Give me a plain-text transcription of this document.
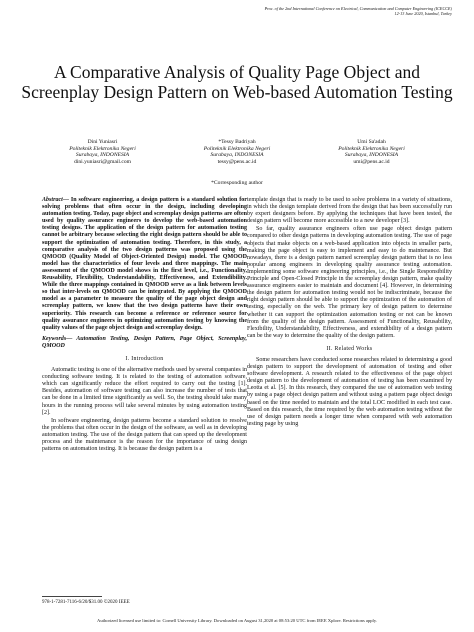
Proc. of the 2nd International Conference on Electrical, Communication and Computer Engineering (ICECCE)
12-13 June 2020, Istanbul, Turkey
A Comparative Analysis of Quality Page Object and Screenplay Design Pattern on Web-based Automation Testing
Dini Yuniasri
Politeknik Elektronika Negeri
Surabaya, INDONESIA
dini.yuniasri@gmail.com
*Tessy Badriyah
Politeknik Elektronika Negeri
Surabaya, INDONESIA
tessy@pens.ac.id
Umi Sa'adah
Politeknik Elektronika Negeri
Surabaya, INDONESIA
umi@pens.ac.id
*Corresponding author

Abstract— In software engineering, a design pattern is a standard solution for solving problems that often occur in the design, including developing automation testing. Today, page object and screenplay design patterns are often used by quality assurance engineers to develop the web-based automation testing designs. The application of the design pattern for automation testing cannot be arbitrary because selecting the right design pattern should be able to support the optimization of automation testing. Therefore, in this study, a comparative analysis of the two design patterns was proposed using the QMOOD (Quality Model of Object-Oriented Design) model. The QMOOD model has the characteristics of four levels and three mappings. The main assessment of the QMOOD model shows in the first level, i.e., Functionality, Reusability, Flexibility, Understandability, Effectiveness, and Extendibility. While the three mappings contained in QMOOD serve as a link between levels so that inter-levels on QMOOD can be integrated. By applying the QMOOD model as a parameter to measure the quality of the page object design and screenplay pattern, we know that the two design patterns have their own superiority. This research can become a reference or reference source for quality assurance engineers in optimizing automation testing by knowing the quality values of the page object design and screenplay design.

Keywords— Automation Testing, Design Pattern, Page Object, Screenplay, QMOOD

I. Introduction

Automatic testing is one of the alternative methods used by several companies in conducting software testing. It is related to the testing of automation software, which can significantly reduce the effort required to carry out the testing [1]. Besides, automation of software testing can also increase the number of tests that can be done in a limited time significantly as well. So, the testing should take many hours in the running process will take several minutes by using automation testing [2].

In software engineering, design patterns become a standard solution to resolve the problems that often occur in the design of the software, as well as in developing automation testing. The use of the design pattern that can speed up the development process and the maintenance is the reason for the importance of using design patterns on automation testing. It is because the design pattern is a

template design that is ready to be used to solve problems in a variety of situations, in which the design template derived from the design that has been successfully run by expert designers before. By applying the techniques that have been tested, the design pattern will become more accessible to a new developer [3].

So far, quality assurance engineers often use page object design pattern compared to other design patterns in developing automation testing. The use of page objects that make objects on a web-based application into objects in smaller parts, making the page object is easy to implement and easy to do maintenance. But nowadays, there is a design pattern named screenplay design pattern that is no less popular among engineers in developing quality assurance testing automation. Implementing some software engineering principles, i.e., the Single Responsibility Principle and Open-Closed Principle in the screenplay design pattern, make quality assurance engineers easier to maintain and document [4]. However, in determining the design pattern for automation testing would not be indiscriminate, because the right design pattern should be able to support the optimization of the automation of testing, especially on the web. The primary key of design pattern to determine whether it can support the optimization automation testing or not can be known from the quality of the design pattern. Assessment of Functionality, Reusability, Flexibility, Understandability, Effectiveness, and extendibility of a design pattern can be the way to determine the quality of the design pattern.

II. Related Works

Some researchers have conducted some researches related to determining a good design pattern to support the development of automation of testing and other software development. A research related to the effectiveness of the page object design pattern to the development of automation of testing has been examined by Leotta et al. [5]. In this research, they compared the use of automation web testing by using a page object design pattern and without using a pattern page object design based on the time needed to maintain and the total LOC modified in each test case. Based on this research, the time required by the web automation testing without the use of design pattern needs a longer time when compared with web automation testing page by using

978-1-7281-7116-6/20/$31.00 ©2020 IEEE
Authorized licensed use limited to: Cornell University Library. Downloaded on August 31,2020 at 08:53:20 UTC from IEEE Xplore. Restrictions apply.
